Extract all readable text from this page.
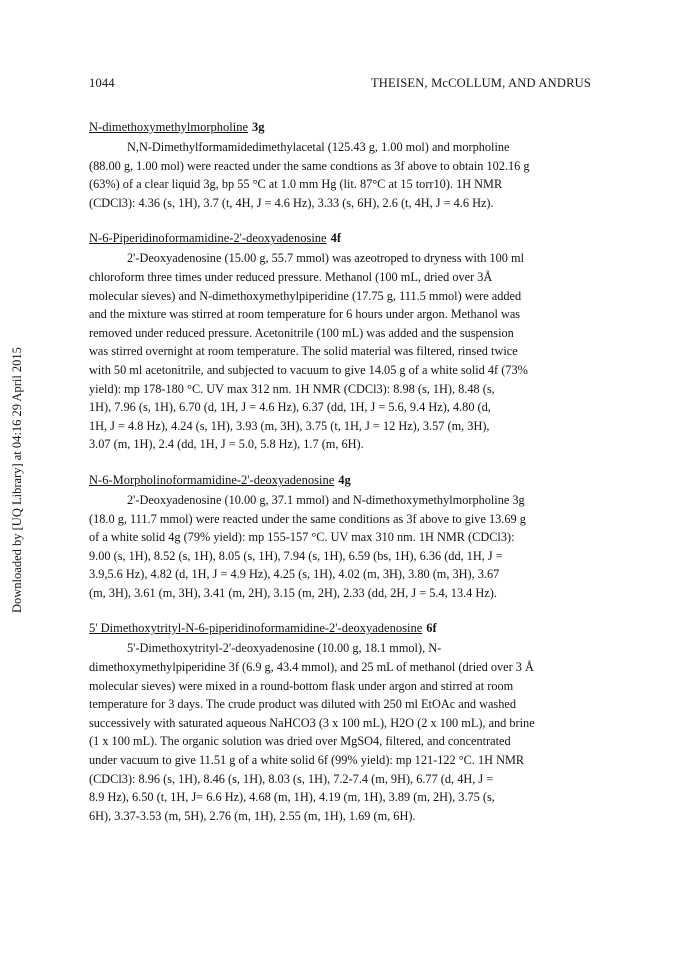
Downloaded by [UQ Library] at 04:16 29 April 2015
1044	THEISEN, McCOLLUM, AND ANDRUS
N-dimethoxymethylmorpholine 3g
N,N-Dimethylformamidedimethylacetal (125.43 g, 1.00 mol) and morpholine
(88.00 g, 1.00 mol) were reacted under the same condtions as 3f above to obtain 102.16 g
(63%) of a clear liquid 3g, bp 55 °C at 1.0 mm Hg (lit. 87°C at 15 torr10). 1H NMR
(CDCl3): 4.36 (s, 1H), 3.7 (t, 4H, J = 4.6 Hz), 3.33 (s, 6H), 2.6 (t, 4H, J = 4.6 Hz).
N-6-Piperidinoformamidine-2'-deoxyadenosine 4f
2'-Deoxyadenosine (15.00 g, 55.7 mmol) was azeotroped to dryness with 100 ml
chloroform three times under reduced pressure. Methanol (100 mL, dried over 3Å
molecular sieves) and N-dimethoxymethylpiperidine (17.75 g, 111.5 mmol) were added
and the mixture was stirred at room temperature for 6 hours under argon. Methanol was
removed under reduced pressure. Acetonitrile (100 mL) was added and the suspension
was stirred overnight at room temperature. The solid material was filtered, rinsed twice
with 50 ml acetonitrile, and subjected to vacuum to give 14.05 g of a white solid 4f (73%
yield): mp 178-180 °C. UV max 312 nm. 1H NMR (CDCl3): 8.98 (s, 1H), 8.48 (s,
1H), 7.96 (s, 1H), 6.70 (d, 1H, J = 4.6 Hz), 6.37 (dd, 1H, J = 5.6, 9.4 Hz), 4.80 (d,
1H, J = 4.8 Hz), 4.24 (s, 1H), 3.93 (m, 3H), 3.75 (t, 1H, J = 12 Hz), 3.57 (m, 3H),
3.07 (m, 1H), 2.4 (dd, 1H, J = 5.0, 5.8 Hz), 1.7 (m, 6H).
N-6-Morpholinoformamidine-2'-deoxyadenosine 4g
2'-Deoxyadenosine (10.00 g, 37.1 mmol) and N-dimethoxymethylmorpholine 3g
(18.0 g, 111.7 mmol) were reacted under the same conditions as 3f above to give 13.69 g
of a white solid 4g (79% yield): mp 155-157 °C. UV max 310 nm. 1H NMR (CDCl3):
9.00 (s, 1H), 8.52 (s, 1H), 8.05 (s, 1H), 7.94 (s, 1H), 6.59 (bs, 1H), 6.36 (dd, 1H, J =
3.9,5.6 Hz), 4.82 (d, 1H, J = 4.9 Hz), 4.25 (s, 1H), 4.02 (m, 3H), 3.80 (m, 3H), 3.67
(m, 3H), 3.61 (m, 3H), 3.41 (m, 2H), 3.15 (m, 2H), 2.33 (dd, 2H, J = 5.4, 13.4 Hz).
5' Dimethoxytrityl-N-6-piperidinoformamidine-2'-deoxyadenosine 6f
5'-Dimethoxytrityl-2'-deoxyadenosine (10.00 g, 18.1 mmol), N-
dimethoxymethylpiperidine 3f (6.9 g, 43.4 mmol), and 25 mL of methanol (dried over 3 Å
molecular sieves) were mixed in a round-bottom flask under argon and stirred at room
temperature for 3 days. The crude product was diluted with 250 ml EtOAc and washed
successively with saturated aqueous NaHCO3 (3 x 100 mL), H2O (2 x 100 mL), and brine
(1 x 100 mL). The organic solution was dried over MgSO4, filtered, and concentrated
under vacuum to give 11.51 g of a white solid 6f (99% yield): mp 121-122 °C. 1H NMR
(CDCl3): 8.96 (s, 1H), 8.46 (s, 1H), 8.03 (s, 1H), 7.2-7.4 (m, 9H), 6.77 (d, 4H, J =
8.9 Hz), 6.50 (t, 1H, J= 6.6 Hz), 4.68 (m, 1H), 4.19 (m, 1H), 3.89 (m, 2H), 3.75 (s,
6H), 3.37-3.53 (m, 5H), 2.76 (m, 1H), 2.55 (m, 1H), 1.69 (m, 6H).
